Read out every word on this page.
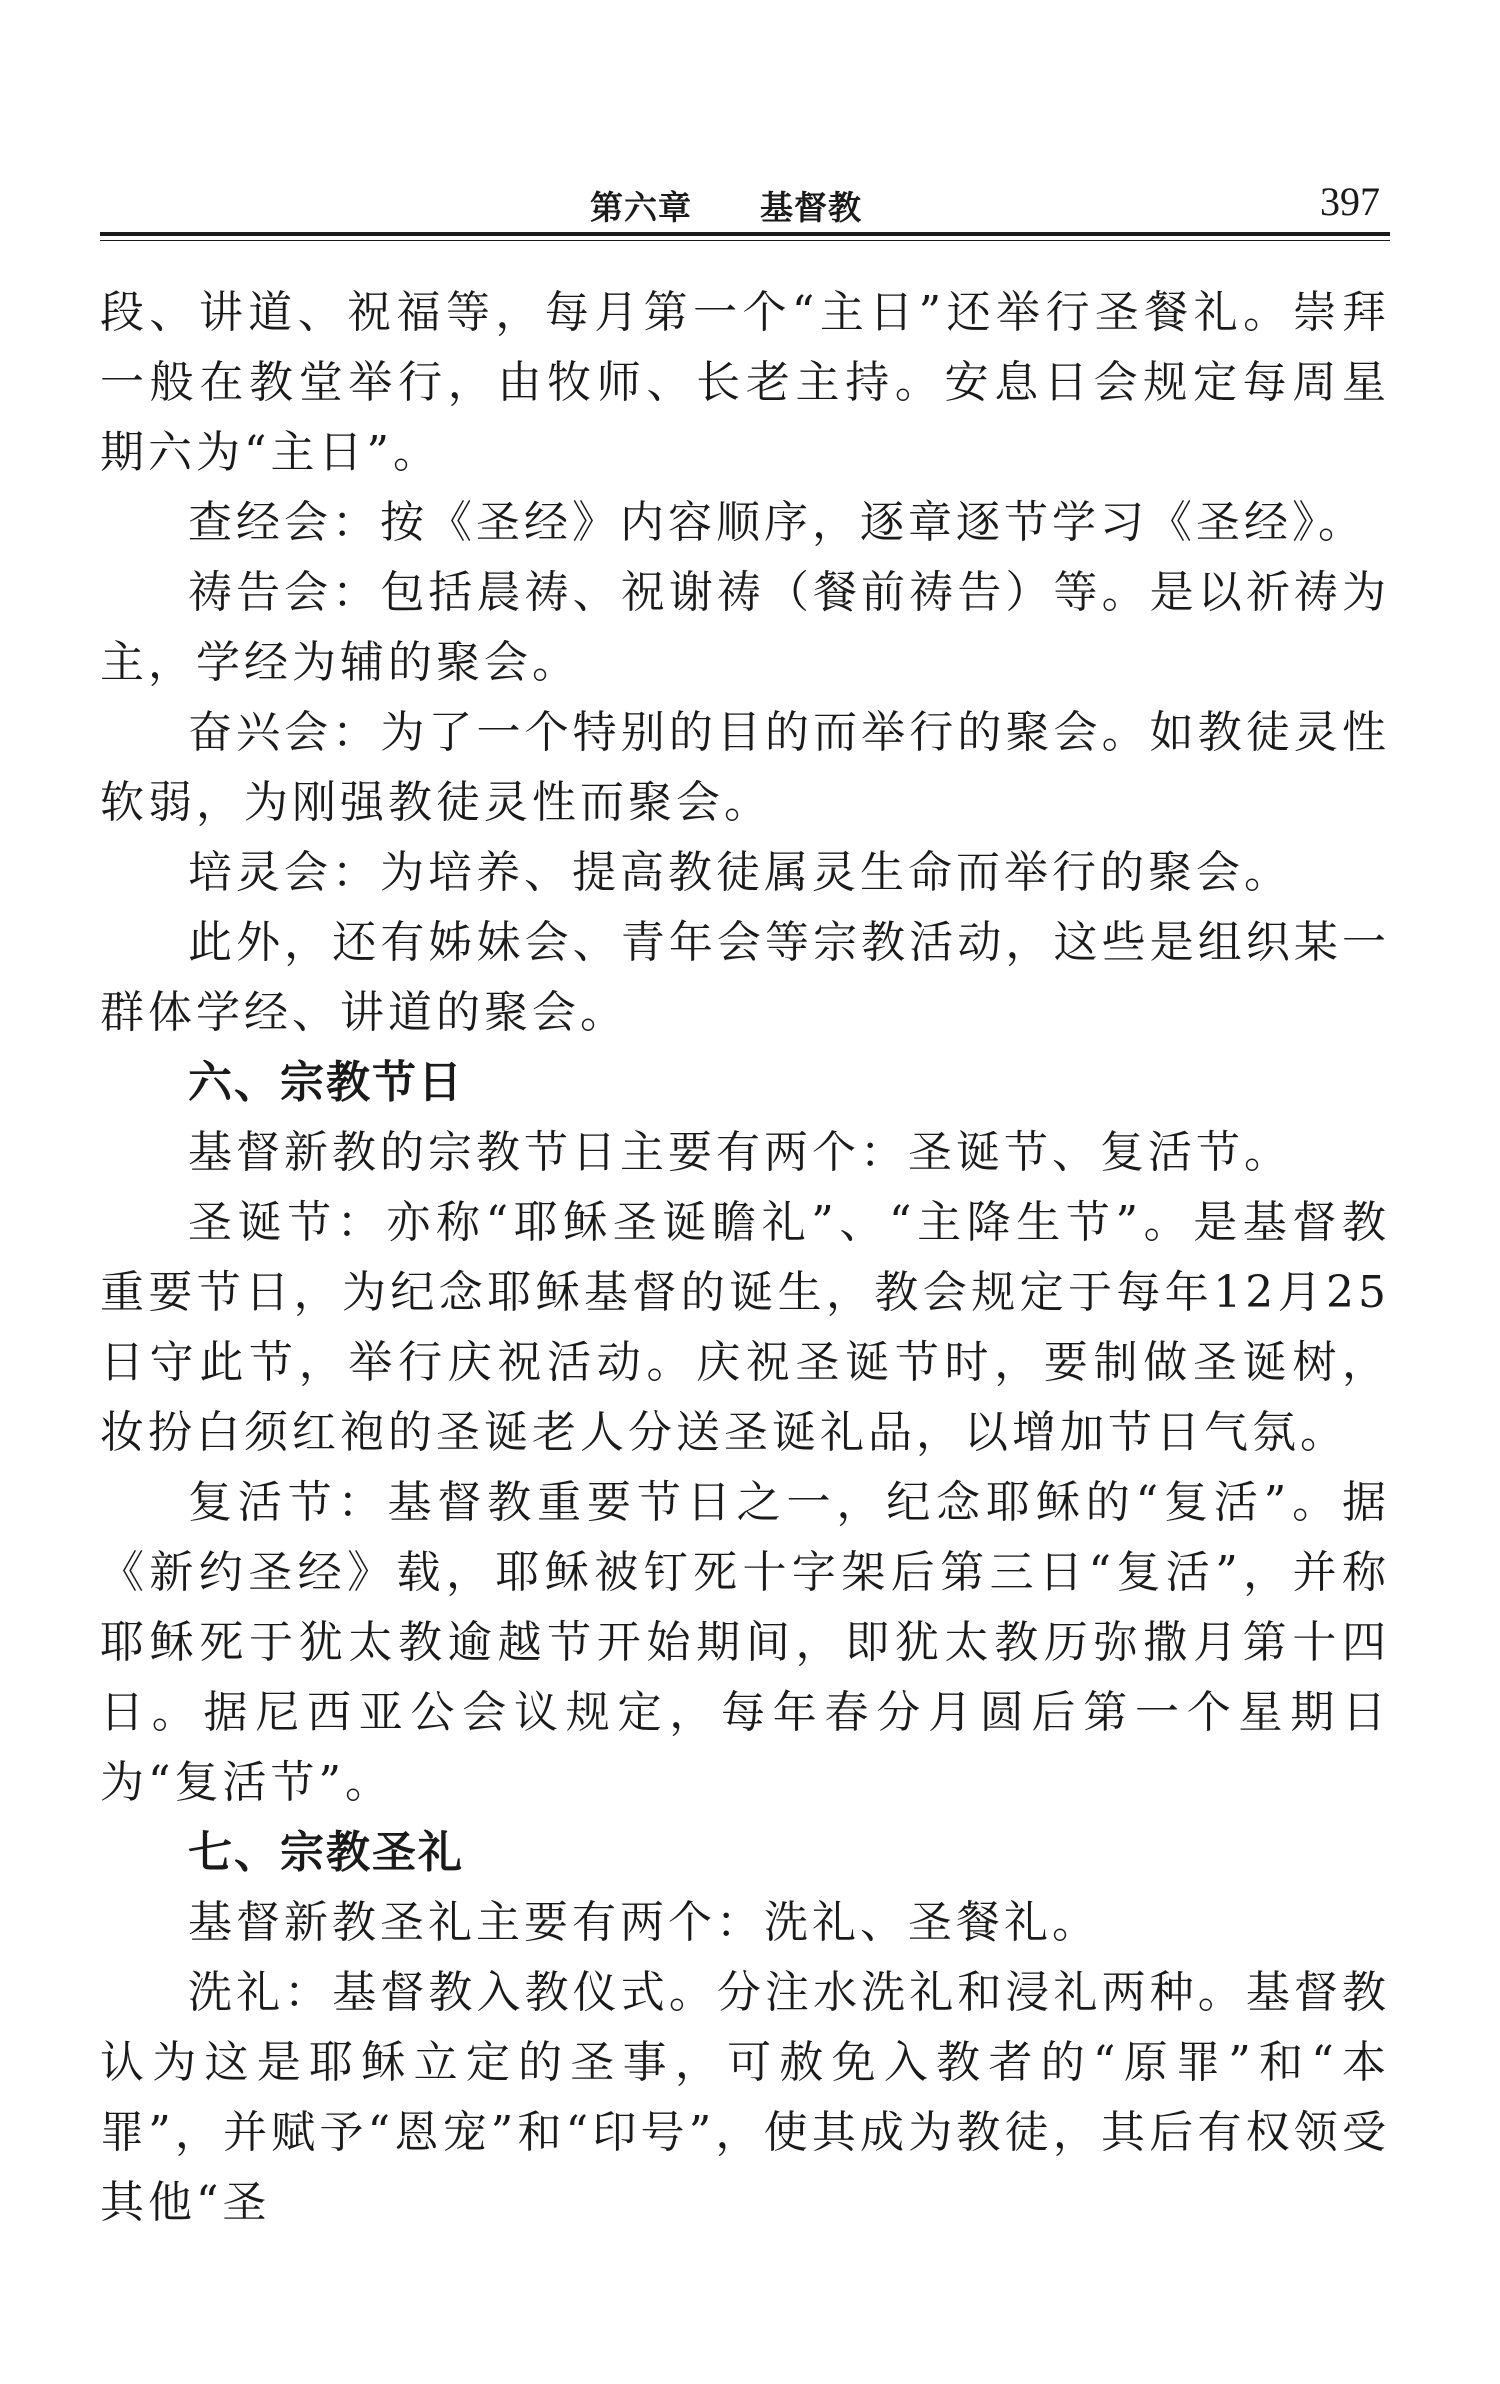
第六章 基督教	397

段、讲道、祝福等，每月第一个“主日”还举行圣餐礼。崇拜一般在教堂举行，由牧师、长老主持。安息日会规定每周星期六为“主日”。

查经会：按《圣经》内容顺序，逐章逐节学习《圣经》。

祷告会：包括晨祷、祝谢祷（餐前祷告）等。是以祈祷为主，学经为辅的聚会。

奋兴会：为了一个特别的目的而举行的聚会。如教徒灵性软弱，为刚强教徒灵性而聚会。

培灵会：为培养、提高教徒属灵生命而举行的聚会。

此外，还有姊妹会、青年会等宗教活动，这些是组织某一群体学经、讲道的聚会。

六、宗教节日

基督新教的宗教节日主要有两个：圣诞节、复活节。

圣诞节：亦称“耶稣圣诞瞻礼”、“主降生节”。是基督教重要节日，为纪念耶稣基督的诞生，教会规定于每年12月25日守此节，举行庆祝活动。庆祝圣诞节时，要制做圣诞树，妆扮白须红袍的圣诞老人分送圣诞礼品，以增加节日气氛。

复活节：基督教重要节日之一，纪念耶稣的“复活”。据《新约圣经》载，耶稣被钉死十字架后第三日“复活”，并称耶稣死于犹太教逾越节开始期间，即犹太教历弥撒月第十四日。据尼西亚公会议规定，每年春分月圆后第一个星期日为“复活节”。

七、宗教圣礼

基督新教圣礼主要有两个：洗礼、圣餐礼。

洗礼：基督教入教仪式。分注水洗礼和浸礼两种。基督教认为这是耶稣立定的圣事，可赦免入教者的“原罪”和“本罪”，并赋予“恩宠”和“印号”，使其成为教徒，其后有权领受其他“圣
